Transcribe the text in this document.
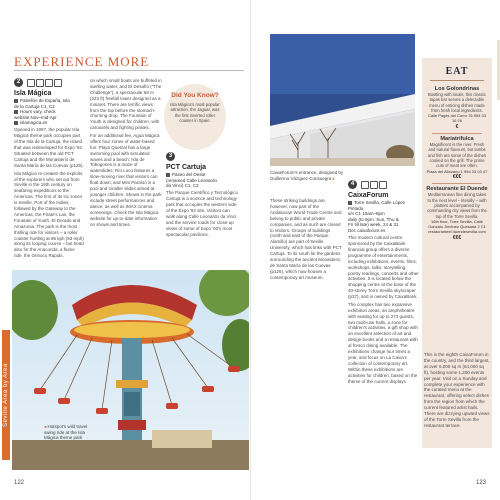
Seville Area by Area
EXPERIENCE MORE
2
Isla Mágica
Pabellón de España, Isla
de la Cartuja C1, C2
Hours vary, check
website Nov–mid-Apr
islamagica.es

Opened in 1997, the popular Isla Mágica theme park occupies part of the Isla de la Cartuja, the island that was redeveloped for Expo '92. Situated between the old PCT Cartuja and the Monasterio de Santa María de las Cuevas (p126).

Isla Mágica re-creates the exploits of the explorers who set out from Seville in the 16th century on seafaring expeditions to the Americas. The first of its six zones is Seville, Port of the Indies, followed by the Gateway to the Americas, the Pirate's Lair, the Fountain of Youth, El Dorado and Amazonia. The park is the most thrilling ride for visitors – a roller coaster hurtling at 85 kph (53 mph) along its looping course – but head also for the Anaconda, a flume ride, the Orinoco Rapids.

on which small boats are buffeted in swirling water, and El Desafío ("The Challenge"), a spectacular 68 m (223 ft) freefall tower designed as a minaret. There are terrific views from the top before the stomach-churning drop. The Fountain of Youth is designed for children, with carousels and fighting pirates.

For an additional fee, Agua Mágica offers four zones of water-based fun: Playa Quetzal has a large swimming pool with simulated waves and a beach; Isla de Tobogones is a maze of waterslides; Río Loco features a slow-moving river that visitors can float down; and Mini Paraíso is a pool and smaller slides aimed at younger children. Shows in the park include street performances and dance, as well as IMAX cinema screenings. Check the Isla Mágica website for up-to-date information on shows and times.

Did You Know?
Isla Mágica's most popular attraction, the Jaguar, was the first inverted roller coaster in Spain.
3
PCT Cartuja
Paseo del Oeste
(renamed Calle Leonardo
da Vinci) C1, C2

The Parque Científico y Tecnológico Cartuja is a science and technology park that occupies the western side of the Expo '92 site. Visitors can walk along Calle Leonardo da Vinci and the service roads for close-up views of some of Expo '92's most spectacular pavilions.

◂ Hotspot's wild travel swing ride at the Isla Mágica theme park
122
CaixaForum's entrance, designed by Guillermo Vázquez Consuegra ▸

These striking buildings are, however, now part of the Andalucian World Trade Centre and belong to public and private companies, and as such are closed to visitors. Groups of buildings (north and east of the Parque Alamillo) are part of Seville University, which has links with PCT Cartuja. To its south lie the gardens surrounding the ancient Monasterio de Santa María de las Cuevas (p126), which now houses a contemporary art museum.

4
CaixaForum
Torre Sevilla, Calle López Pintado
s/n C1 10am–8pm
daily (to 9pm: Sun, Thu &
Fri till late) week, 24 & 31
Dec caixaforum.es

This modern cultural centre sponsored by the CaixaBank financial group offers a diverse programme of entertainments, including exhibitions, events, films, workshops, talks, storytelling, poetry readings, concerts and other activities. It is located below the shopping centre at the base of the 40-storey Torre Sevilla skyscraper (p37), and is owned by CaixaBank.

The complex has two expansive exhibition areas, an amphitheatre with seating for up to 273 guests, two multi-use halls, a zone for children's activities, a gift shop with an excellent selection of art and design books and a restaurant with al fresco dining available. The exhibitions change four times a year, and focus on La Caixa's collection of contemporary art. Within these exhibitions are activities for children, based on the theme of the current displays.

EAT
Los Golondrinas
Bustling with locals, this classic tapas bar serves a delectable menu of enticing dishes made from fresh local ingredients.
Calle Pagés del Corro 76 954 33 16 26
€
Mariatrifulca
Magnificent is the river. Fresh and natural flavours, but lambs and fish are some of the dishes cooked on the grill. The prime cuts of meat are often.
Plaza del Altozano 1 954 33 03 47
€€€
Restaurante El Duende
Mediterranean fine dining takes to the next level – literally – with platters accompanied by commanding city views from the top of the Torre Sevilla.
16th floor, Torre Sevilla, Calle Gonzalo Jiménez Quesada 2 C1 restauranteel duendesevilla.com
€€€

This is the eighth CaixaForum in the country, and the third largest, at over 6,000 sq m (64,000 sq ft), hosting some 1,200 events per year. Visit on a Sunday and complete your experience with the curated menu at the restaurant, offering select dishes from the region from which the current featured artist hails. There are dizzying upward views of the Torre Sevilla from the restaurant terrace.

123
